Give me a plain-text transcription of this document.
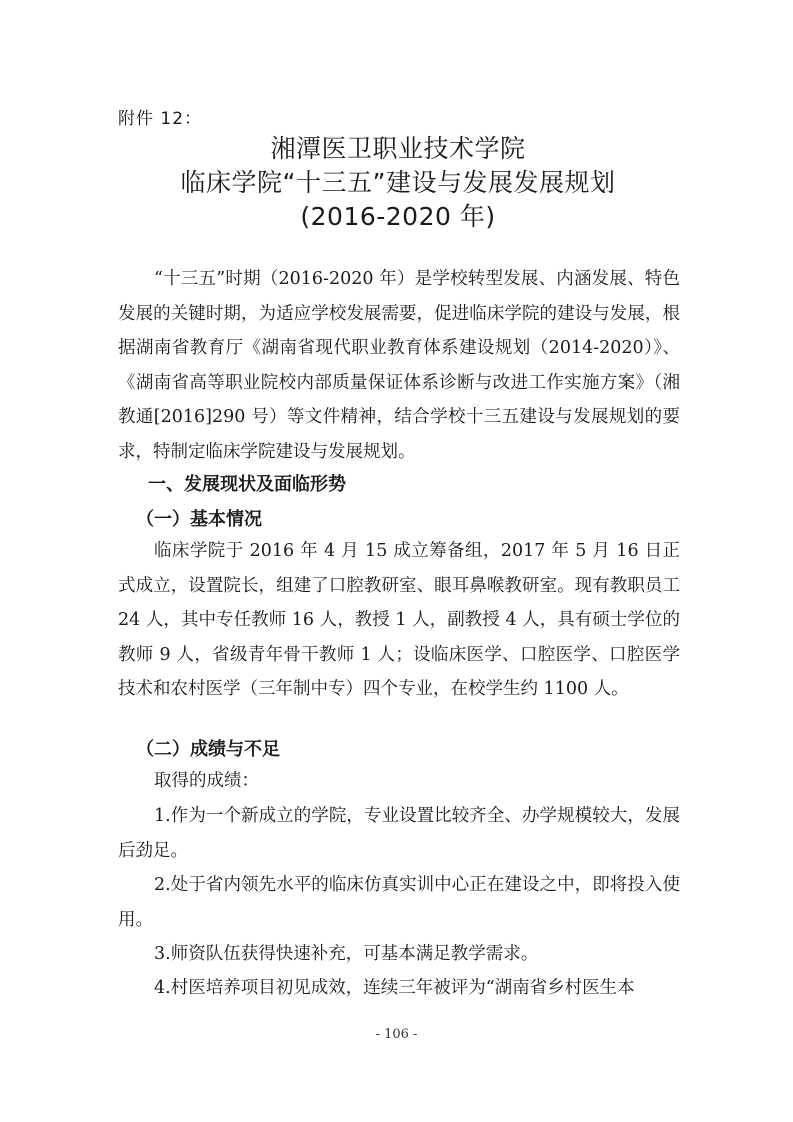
附件 12：
湘潭医卫职业技术学院
临床学院“十三五”建设与发展发展规划
(2016-2020 年)

“十三五”时期（2016-2020 年）是学校转型发展、内涵发展、特色发展的关键时期，为适应学校发展需要，促进临床学院的建设与发展，根据湖南省教育厅《湖南省现代职业教育体系建设规划（2014-2020）》、《湖南省高等职业院校内部质量保证体系诊断与改进工作实施方案》（湘教通[2016]290 号）等文件精神，结合学校十三五建设与发展规划的要求，特制定临床学院建设与发展规划。

一、发展现状及面临形势
（一）基本情况

临床学院于 2016 年 4 月 15 成立筹备组，2017 年 5 月 16 日正式成立，设置院长，组建了口腔教研室、眼耳鼻喉教研室。现有教职员工 24 人，其中专任教师 16 人，教授 1 人，副教授 4 人，具有硕士学位的教师 9 人，省级青年骨干教师 1 人；设临床医学、口腔医学、口腔医学技术和农村医学（三年制中专）四个专业，在校学生约 1100 人。

（二）成绩与不足

取得的成绩：

1.作为一个新成立的学院，专业设置比较齐全、办学规模较大，发展后劲足。

2.处于省内领先水平的临床仿真实训中心正在建设之中，即将投入使用。

3.师资队伍获得快速补充，可基本满足教学需求。

4.村医培养项目初见成效，连续三年被评为“湖南省乡村医生本

- 106 -
